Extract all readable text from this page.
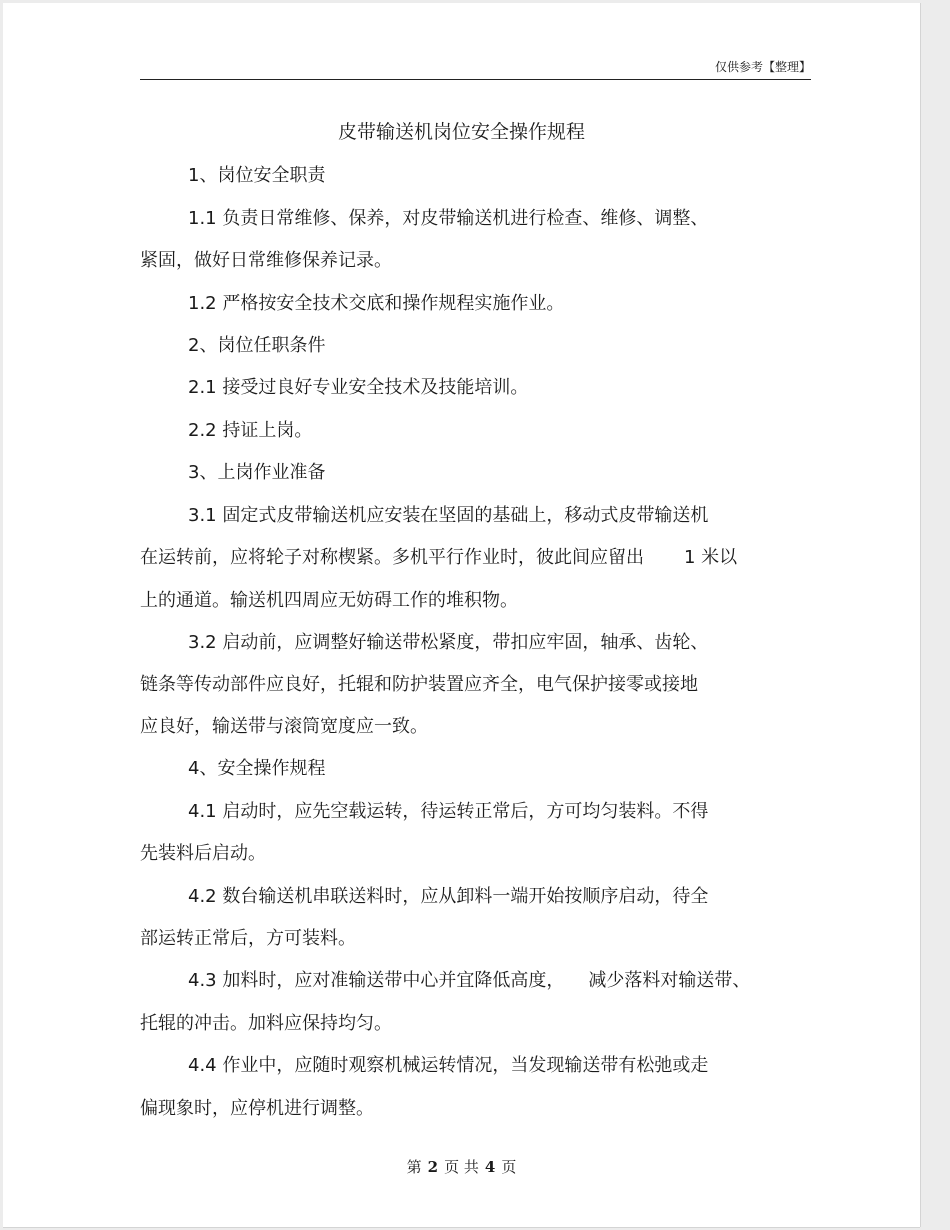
仅供参考【整理】
皮带输送机岗位安全操作规程
1、岗位安全职责
1.1 负责日常维修、保养，对皮带输送机进行检查、维修、调整、
紧固，做好日常维修保养记录。
1.2 严格按安全技术交底和操作规程实施作业。
2、岗位任职条件
2.1 接受过良好专业安全技术及技能培训。
2.2 持证上岗。
3、上岗作业准备
3.1 固定式皮带输送机应安装在坚固的基础上，移动式皮带输送机
在运转前，应将轮子对称楔紧。多机平行作业时，彼此间应留出 1 米以
上的通道。输送机四周应无妨碍工作的堆积物。
3.2 启动前，应调整好输送带松紧度，带扣应牢固，轴承、齿轮、
链条等传动部件应良好，托辊和防护装置应齐全，电气保护接零或接地
应良好，输送带与滚筒宽度应一致。
4、安全操作规程
4.1 启动时，应先空载运转，待运转正常后，方可均匀装料。不得
先装料后启动。
4.2 数台输送机串联送料时，应从卸料一端开始按顺序启动，待全
部运转正常后，方可装料。
4.3 加料时，应对准输送带中心并宜降低高度， 减少落料对输送带、
托辊的冲击。加料应保持均匀。
4.4 作业中，应随时观察机械运转情况，当发现输送带有松弛或走
偏现象时，应停机进行调整。
第 2 页 共 4 页
